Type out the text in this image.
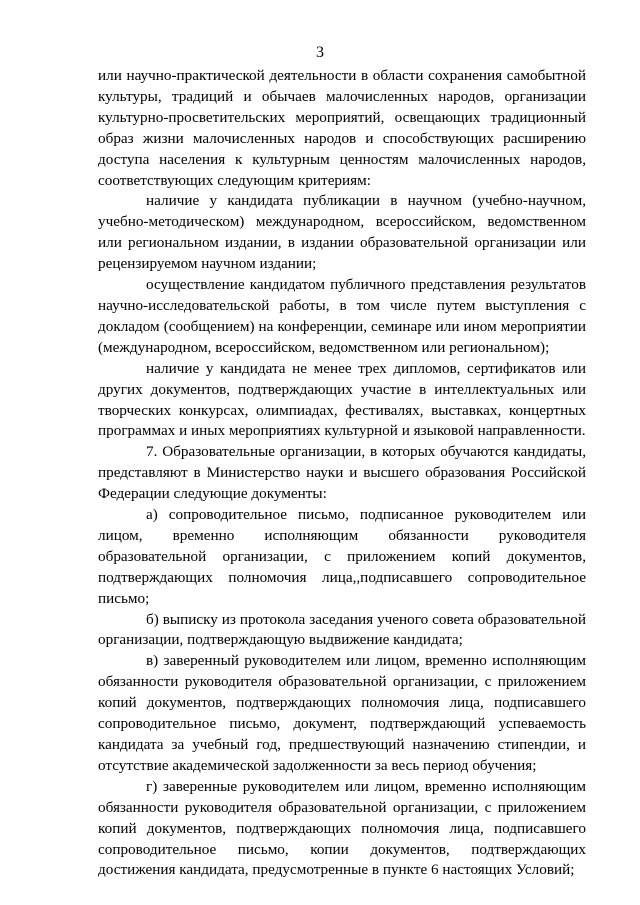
3

или научно-практической деятельности в области сохранения самобытной культуры, традиций и обычаев малочисленных народов, организации культурно-просветительских мероприятий, освещающих традиционный образ жизни малочисленных народов и способствующих расширению доступа населения к культурным ценностям малочисленных народов, соответствующих следующим критериям:

наличие у кандидата публикации в научном (учебно-научном, учебно-методическом) международном, всероссийском, ведомственном или региональном издании, в издании образовательной организации или рецензируемом научном издании;

осуществление кандидатом публичного представления результатов научно-исследовательской работы, в том числе путем выступления с докладом (сообщением) на конференции, семинаре или ином мероприятии (международном, всероссийском, ведомственном или региональном);

наличие у кандидата не менее трех дипломов, сертификатов или других документов, подтверждающих участие в интеллектуальных или творческих конкурсах, олимпиадах, фестивалях, выставках, концертных программах и иных мероприятиях культурной и языковой направленности.

7. Образовательные организации, в которых обучаются кандидаты, представляют в Министерство науки и высшего образования Российской Федерации следующие документы:

а) сопроводительное письмо, подписанное руководителем или лицом, временно исполняющим обязанности руководителя образовательной организации, с приложением копий документов, подтверждающих полномочия лица,,подписавшего сопроводительное письмо;

б) выписку из протокола заседания ученого совета образовательной организации, подтверждающую выдвижение кандидата;

в) заверенный руководителем или лицом, временно исполняющим обязанности руководителя образовательной организации, с приложением копий документов, подтверждающих полномочия лица, подписавшего сопроводительное письмо, документ, подтверждающий успеваемость кандидата за учебный год, предшествующий назначению стипендии, и отсутствие академической задолженности за весь период обучения;

г) заверенные руководителем или лицом, временно исполняющим обязанности руководителя образовательной организации, с приложением копий документов, подтверждающих полномочия лица, подписавшего сопроводительное письмо, копии документов, подтверждающих достижения кандидата, предусмотренные в пункте 6 настоящих Условий;
